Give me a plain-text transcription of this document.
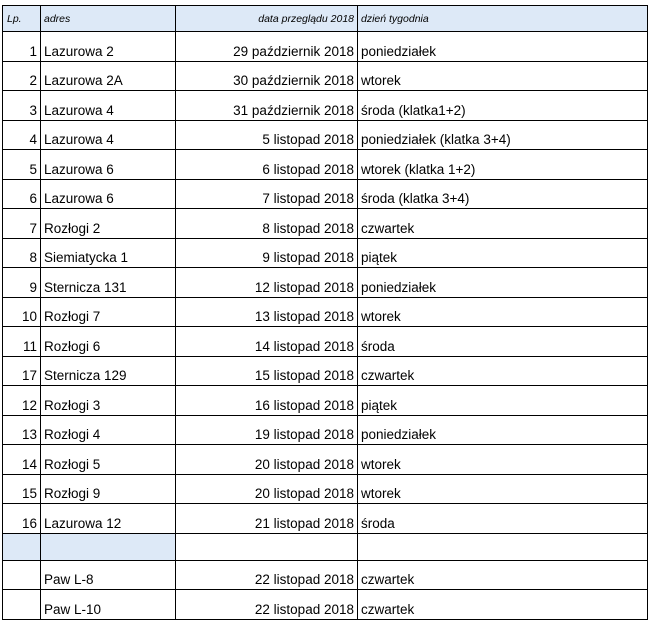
Lp.	adres	data przeglądu 2018	dzień tygodnia
1	Lazurowa 2	29 październik 2018	poniedziałek
2	Lazurowa 2A	30 październik 2018	wtorek
3	Lazurowa 4	31 październik 2018	środa (klatka1+2)
4	Lazurowa 4	5 listopad 2018	poniedziałek (klatka 3+4)
5	Lazurowa 6	6 listopad 2018	wtorek (klatka 1+2)
6	Lazurowa 6	7 listopad 2018	środa (klatka 3+4)
7	Rozłogi 2	8 listopad 2018	czwartek
8	Siemiatycka 1	9 listopad 2018	piątek
9	Sternicza 131	12 listopad 2018	poniedziałek
10	Rozłogi 7	13 listopad 2018	wtorek
11	Rozłogi 6	14 listopad 2018	środa
17	Sternicza 129	15 listopad 2018	czwartek
12	Rozłogi 3	16 listopad 2018	piątek
13	Rozłogi 4	19 listopad 2018	poniedziałek
14	Rozłogi 5	20 listopad 2018	wtorek
15	Rozłogi 9	20 listopad 2018	wtorek
16	Lazurowa 12	21 listopad 2018	środa

	Paw L-8	22 listopad 2018	czwartek
	Paw L-10	22 listopad 2018	czwartek
